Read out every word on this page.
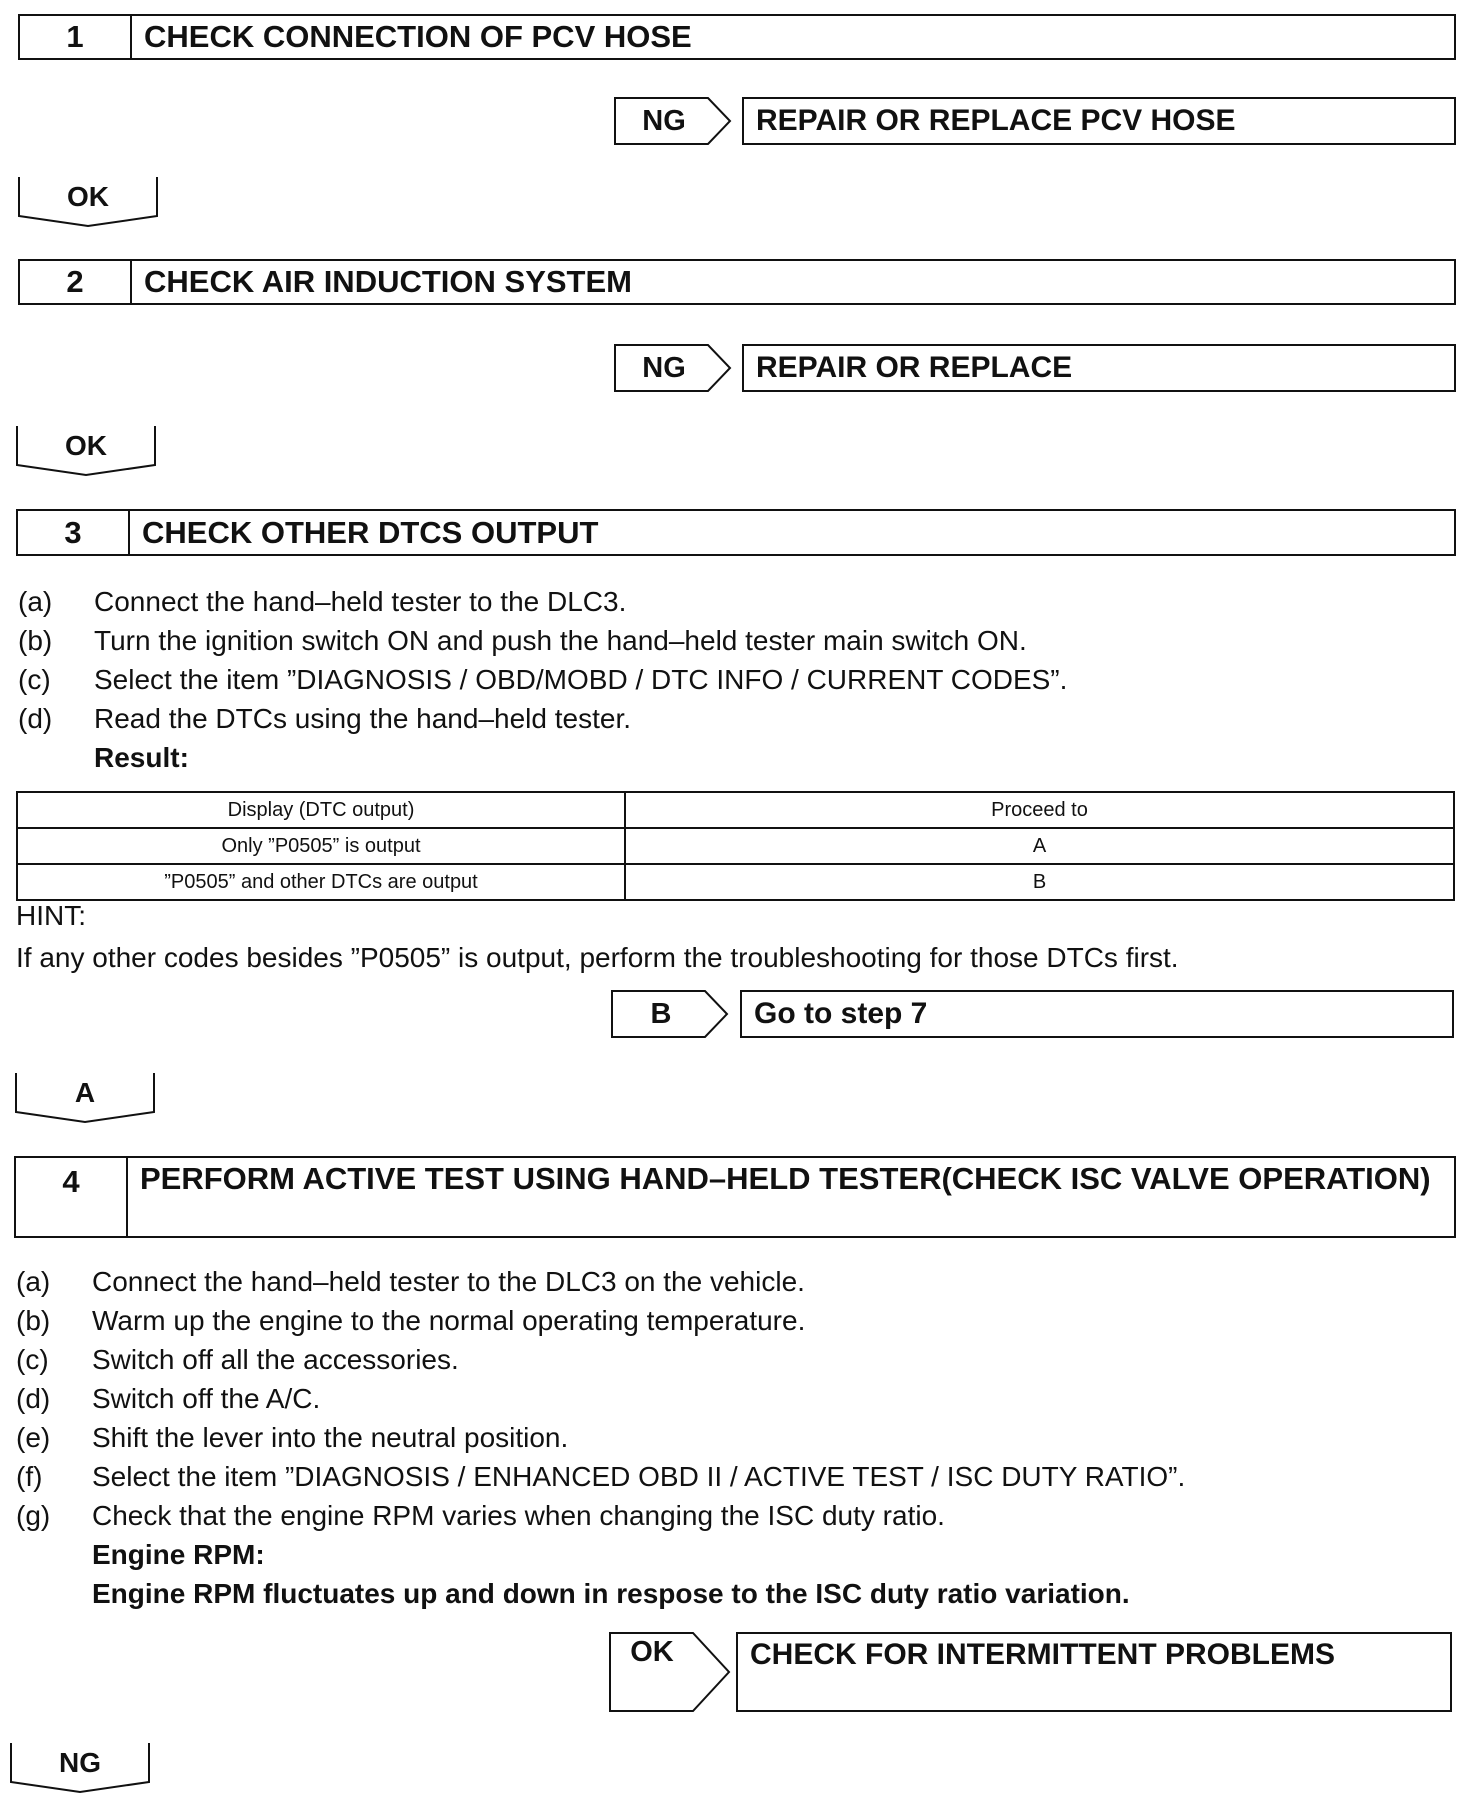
1	CHECK CONNECTION OF PCV HOSE
NG	REPAIR OR REPLACE PCV HOSE
OK
2	CHECK AIR INDUCTION SYSTEM
NG	REPAIR OR REPLACE
OK
3	CHECK OTHER DTCS OUTPUT
(a)	Connect the hand–held tester to the DLC3.
(b)	Turn the ignition switch ON and push the hand–held tester main switch ON.
(c)	Select the item ”DIAGNOSIS / OBD/MOBD / DTC INFO / CURRENT CODES”.
(d)	Read the DTCs using the hand–held tester.
Result:
Display (DTC output)	Proceed to
Only ”P0505” is output	A
”P0505” and other DTCs are output	B
HINT:
If any other codes besides ”P0505” is output, perform the troubleshooting for those DTCs first.
B	Go to step 7
A
4	PERFORM ACTIVE TEST USING HAND–HELD TESTER(CHECK ISC VALVE OPERATION)
(a)	Connect the hand–held tester to the DLC3 on the vehicle.
(b)	Warm up the engine to the normal operating temperature.
(c)	Switch off all the accessories.
(d)	Switch off the A/C.
(e)	Shift the lever into the neutral position.
(f)	Select the item ”DIAGNOSIS / ENHANCED OBD II / ACTIVE TEST / ISC DUTY RATIO”.
(g)	Check that the engine RPM varies when changing the ISC duty ratio.
Engine RPM:
Engine RPM fluctuates up and down in respose to the ISC duty ratio variation.
OK	CHECK FOR INTERMITTENT PROBLEMS
NG
